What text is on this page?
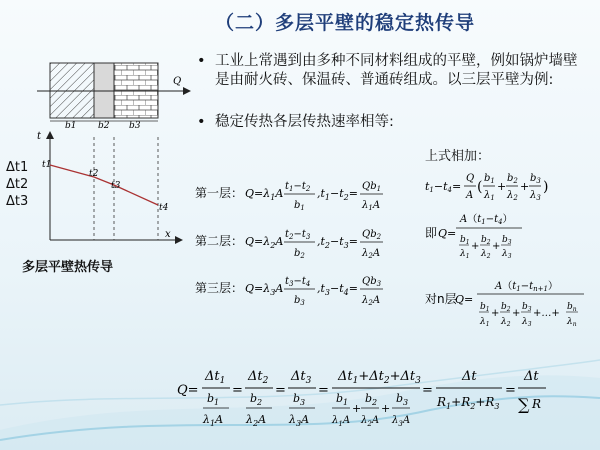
（二）多层平壁的稳定热传导
• 工业上常遇到由多种不同材料组成的平壁，例如锅炉墙壁是由耐火砖、保温砖、普通砖组成。以三层平壁为例:
• 稳定传热各层传热速率相等:
Δt1
Δt2
Δt3
多层平壁热传导
上式相加：
Q
b1 b2 b3
t
x
t1
t2
t3
t4
第一层： $Q=\lambda_1A$
$t_1-t_2$
$b_1$
$,t_1-t_2=$
$Qb_1$
$\lambda_1A$
第二层： $Q=\lambda_2A$
$t_2-t_3$
$b_2$
$,t_2-t_3=$
$Qb_2$
$\lambda_2A$
第三层： $Q=\lambda_3A$
$t_3-t_4$
$b_3$
$,t_3-t_4=$
$Qb_3$
$\lambda_2A$
t1−t4=
Q
A
(
$b_1$
$\lambda_1$
+
$b_2$
$\lambda_2$
+
$b_3$
$\lambda_3$
)
即 Q=
$A(t_1-t_4)$
$b_1$
$\lambda_1$
+
$b_2$
$\lambda_2$
+
$b_3$
$\lambda_3$
对n层
Q=
$A(t_1-t_{n+1})$
$b_1$
$\lambda_1$
+
$b_2$
$\lambda_2$
+
$b_3$
$\lambda_3$
+…+
$b_n$
$\lambda_n$
Q=
$\Delta t_1$
$b_1$
$\lambda_1A$
=
$\Delta t_2$
$b_2$
$\lambda_2A$
=
$\Delta t_3$
$b_3$
$\lambda_3A$
=
$\Delta t_1+\Delta t_2+\Delta t_3$
$b_1$
$\lambda_1A$
+
$b_2$
$\lambda_2A$
+
$b_3$
$\lambda_3A$
=
Δt
$R_1+R_2+R_3$
=
Δt
∑ R
